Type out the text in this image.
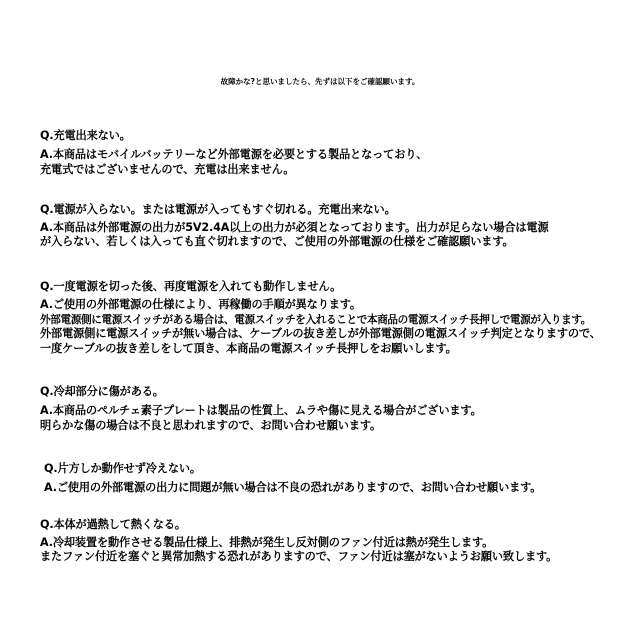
故障かな?と思いましたら、先ずは以下をご確認願います。
Q.充電出来ない。
A.本商品はモバイルバッテリーなど外部電源を必要とする製品となっており、
充電式ではございませんので、充電は出来ません。
Q.電源が入らない。または電源が入ってもすぐ切れる。充電出来ない。
A.本商品は外部電源の出力が5V2.4A以上の出力が必須となっております。出力が足らない場合は電源
が入らない、若しくは入っても直ぐ切れますので、ご使用の外部電源の仕様をご確認願います。
Q.一度電源を切った後、再度電源を入れても動作しません。
A.ご使用の外部電源の仕様により、再稼働の手順が異なります。
外部電源側に電源スイッチがある場合は、電源スイッチを入れることで本商品の電源スイッチ長押しで電源が入ります。
外部電源側に電源スイッチが無い場合は、ケーブルの抜き差しが外部電源側の電源スイッチ判定となりますので、
一度ケーブルの抜き差しをして頂き、本商品の電源スイッチ長押しをお願いします。
Q.冷却部分に傷がある。
A.本商品のペルチェ素子プレートは製品の性質上、ムラや傷に見える場合がございます。
明らかな傷の場合は不良と思われますので、お問い合わせ願います。
Q.片方しか動作せず冷えない。
A.ご使用の外部電源の出力に問題が無い場合は不良の恐れがありますので、お問い合わせ願います。
Q.本体が過熱して熱くなる。
A.冷却装置を動作させる製品仕様上、排熱が発生し反対側のファン付近は熱が発生します。
またファン付近を塞ぐと異常加熱する恐れがありますので、ファン付近は塞がないようお願い致します。
